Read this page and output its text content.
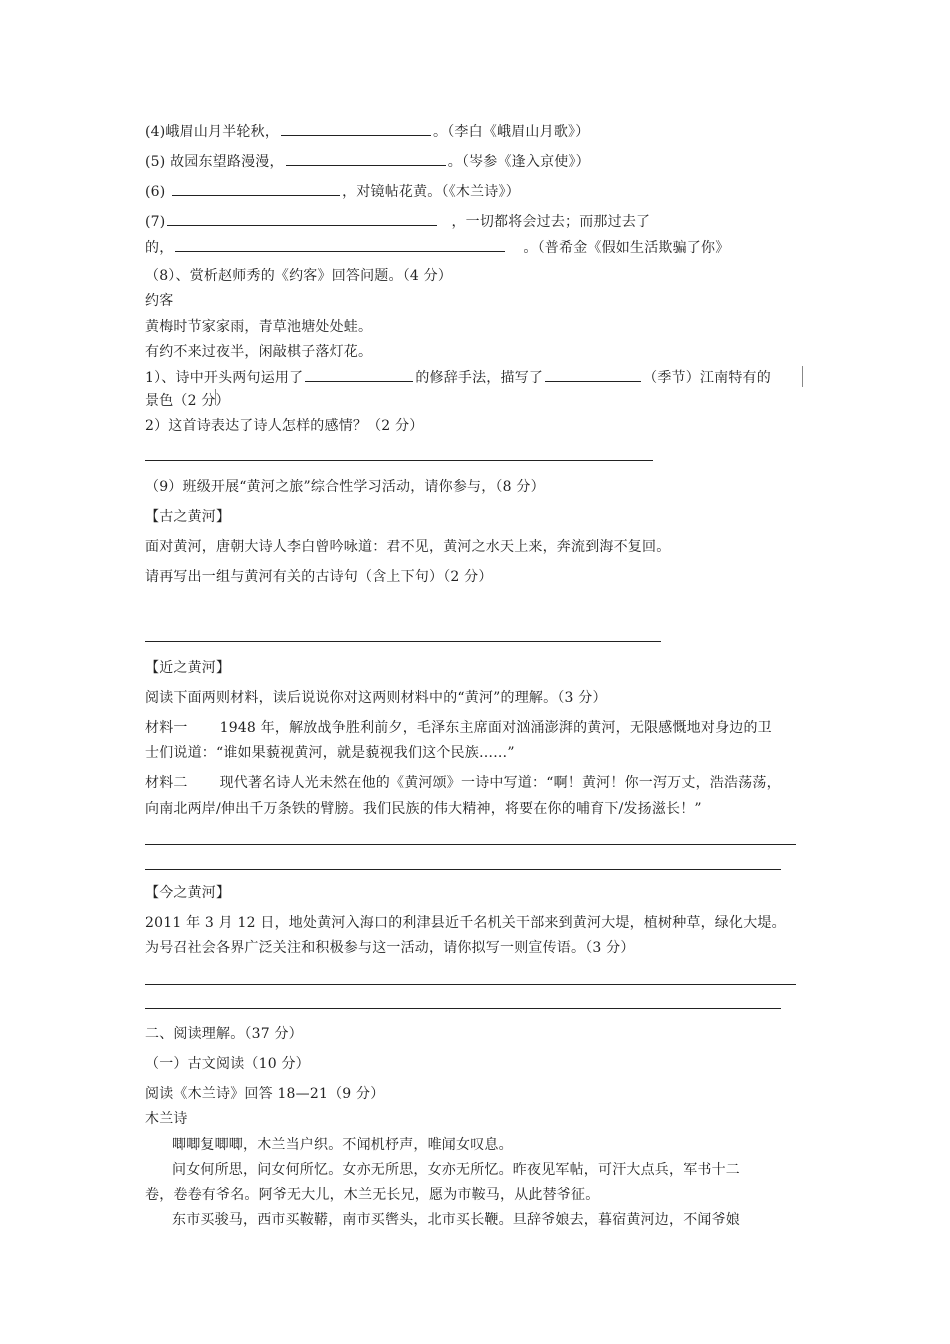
(4)峨眉山月半轮秋，	。（李白《峨眉山月歌》）
(5) 故园东望路漫漫，	。（岑参《逢入京使》）
(6)	，对镜帖花黄。（《木兰诗》）
(7)	，一切都将会过去；而那过去了
的，	。（普希金《假如生活欺骗了你》
（8）、赏析赵师秀的《约客》回答问题。（4 分）
约客
黄梅时节家家雨，青草池塘处处蛙。
有约不来过夜半，闲敲棋子落灯花。
1）、诗中开头两句运用了	的修辞手法，描写了	（季节）江南特有的
景色（2 分）
2）这首诗表达了诗人怎样的感情？（2 分）
（9）班级开展“黄河之旅”综合性学习活动，请你参与，（8 分）
【古之黄河】
面对黄河，唐朝大诗人李白曾吟咏道：君不见，黄河之水天上来，奔流到海不复回。
请再写出一组与黄河有关的古诗句（含上下句）（2 分）
【近之黄河】
阅读下面两则材料，读后说说你对这两则材料中的“黄河”的理解。（3 分）
材料一 1948 年，解放战争胜利前夕，毛泽东主席面对汹涌澎湃的黄河，无限感慨地对身边的卫
士们说道：“谁如果藐视黄河，就是藐视我们这个民族……”
材料二 现代著名诗人光未然在他的《黄河颂》一诗中写道：“啊！黄河！你一泻万丈，浩浩荡荡，
向南北两岸/伸出千万条铁的臂膀。我们民族的伟大精神，将要在你的哺育下/发扬滋长！”
【今之黄河】
2011 年 3 月 12 日，地处黄河入海口的利津县近千名机关干部来到黄河大堤，植树种草，绿化大堤。
为号召社会各界广泛关注和积极参与这一活动，请你拟写一则宣传语。（3 分）
二、阅读理解。（37 分）
（一）古文阅读（10 分）
阅读《木兰诗》回答 18—21（9 分）
木兰诗
唧唧复唧唧，木兰当户织。不闻机杼声，唯闻女叹息。
问女何所思，问女何所忆。女亦无所思，女亦无所忆。昨夜见军帖，可汗大点兵，军书十二
卷，卷卷有爷名。阿爷无大儿，木兰无长兄，愿为市鞍马，从此替爷征。
东市买骏马，西市买鞍鞯，南市买辔头，北市买长鞭。旦辞爷娘去，暮宿黄河边，不闻爷娘
